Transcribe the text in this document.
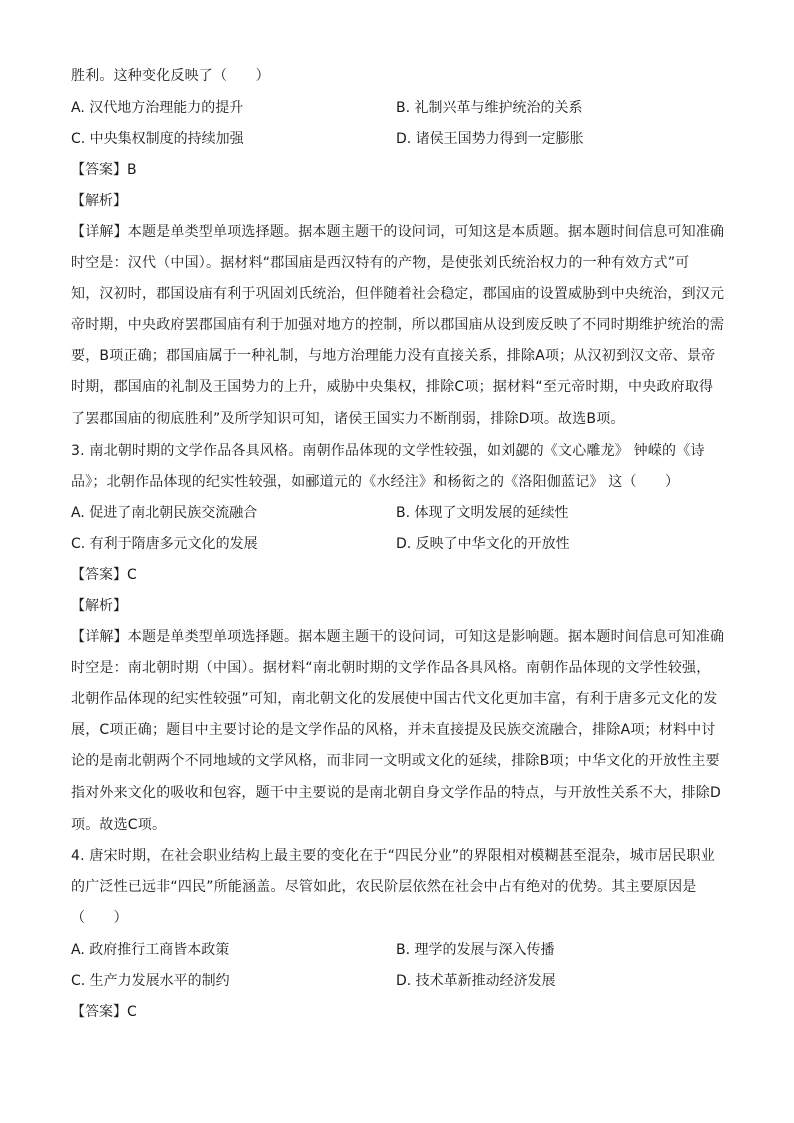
胜利。这种变化反映了（　　）
A. 汉代地方治理能力的提升	B. 礼制兴革与维护统治的关系
C. 中央集权制度的持续加强	D. 诸侯王国势力得到一定膨胀
【答案】B
【解析】
【详解】本题是单类型单项选择题。据本题主题干的设问词，可知这是本质题。据本题时间信息可知准确
时空是：汉代（中国）。据材料“郡国庙是西汉特有的产物，是使张刘氏统治权力的一种有效方式”可
知，汉初时，郡国设庙有利于巩固刘氏统治，但伴随着社会稳定，郡国庙的设置威胁到中央统治，到汉元
帝时期，中央政府罢郡国庙有利于加强对地方的控制，所以郡国庙从设到废反映了不同时期维护统治的需
要，B项正确；郡国庙属于一种礼制，与地方治理能力没有直接关系，排除A项；从汉初到汉文帝、景帝
时期，郡国庙的礼制及王国势力的上升，威胁中央集权，排除C项；据材料“至元帝时期，中央政府取得
了罢郡国庙的彻底胜利”及所学知识可知，诸侯王国实力不断削弱，排除D项。故选B项。
3. 南北朝时期的文学作品各具风格。南朝作品体现的文学性较强，如刘勰的《文心雕龙》 钟嵘的《诗
品》；北朝作品体现的纪实性较强，如郦道元的《水经注》和杨衒之的《洛阳伽蓝记》 这（　　）
A. 促进了南北朝民族交流融合	B. 体现了文明发展的延续性
C. 有利于隋唐多元文化的发展	D. 反映了中华文化的开放性
【答案】C
【解析】
【详解】本题是单类型单项选择题。据本题主题干的设问词，可知这是影响题。据本题时间信息可知准确
时空是：南北朝时期（中国）。据材料“南北朝时期的文学作品各具风格。南朝作品体现的文学性较强，
北朝作品体现的纪实性较强”可知，南北朝文化的发展使中国古代文化更加丰富，有利于唐多元文化的发
展，C项正确；题目中主要讨论的是文学作品的风格，并未直接提及民族交流融合，排除A项；材料中讨
论的是南北朝两个不同地域的文学风格，而非同一文明或文化的延续，排除B项；中华文化的开放性主要
指对外来文化的吸收和包容，题干中主要说的是南北朝自身文学作品的特点，与开放性关系不大，排除D
项。故选C项。
4. 唐宋时期，在社会职业结构上最主要的变化在于“四民分业”的界限相对模糊甚至混杂，城市居民职业
的广泛性已远非“四民”所能涵盖。尽管如此，农民阶层依然在社会中占有绝对的优势。其主要原因是
（　　）
A. 政府推行工商皆本政策	B. 理学的发展与深入传播
C. 生产力发展水平的制约	D. 技术革新推动经济发展
【答案】C
